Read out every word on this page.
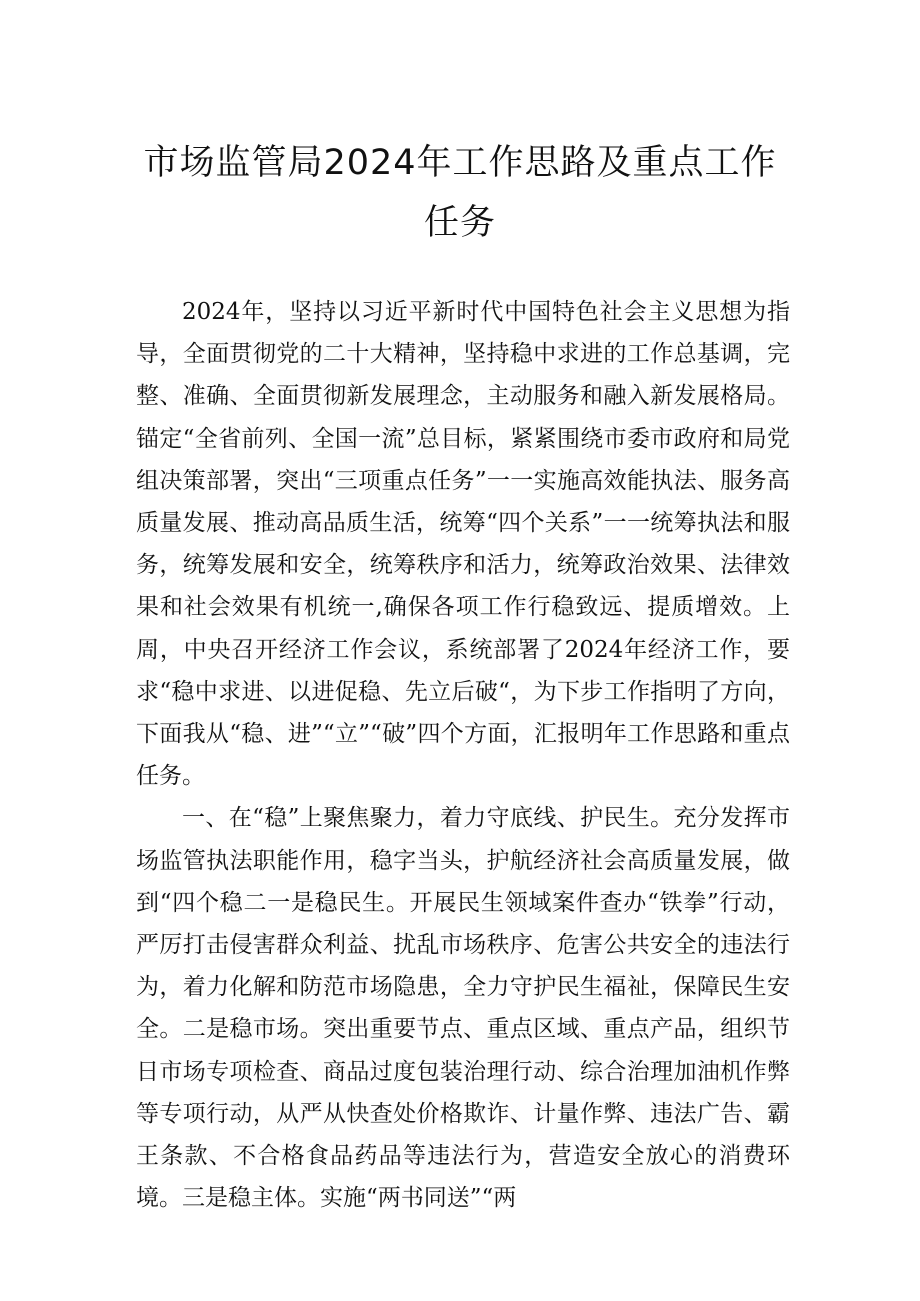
市场监管局2024年工作思路及重点工作任务

2024年，坚持以习近平新时代中国特色社会主义思想为指导，全面贯彻党的二十大精神，坚持稳中求进的工作总基调，完整、准确、全面贯彻新发展理念，主动服务和融入新发展格局。锚定“全省前列、全国一流”总目标，紧紧围绕市委市政府和局党组决策部署，突出“三项重点任务”一一实施高效能执法、服务高质量发展、推动高品质生活，统筹“四个关系”一一统筹执法和服务，统筹发展和安全，统筹秩序和活力，统筹政治效果、法律效果和社会效果有机统一,确保各项工作行稳致远、提质增效。上周，中央召开经济工作会议，系统部署了2024年经济工作，要求“稳中求进、以进促稳、先立后破“，为下步工作指明了方向，下面我从“稳、进”“立”“破”四个方面，汇报明年工作思路和重点任务。

一、在“稳”上聚焦聚力，着力守底线、护民生。充分发挥市场监管执法职能作用，稳字当头，护航经济社会高质量发展，做到“四个稳二一是稳民生。开展民生领域案件查办“铁拳”行动，严厉打击侵害群众利益、扰乱市场秩序、危害公共安全的违法行为，着力化解和防范市场隐患，全力守护民生福祉，保障民生安全。二是稳市场。突出重要节点、重点区域、重点产品，组织节日市场专项检查、商品过度包装治理行动、综合治理加油机作弊等专项行动，从严从快查处价格欺诈、计量作弊、违法广告、霸王条款、不合格食品药品等违法行为，营造安全放心的消费环境。三是稳主体。实施“两书同送”“两
